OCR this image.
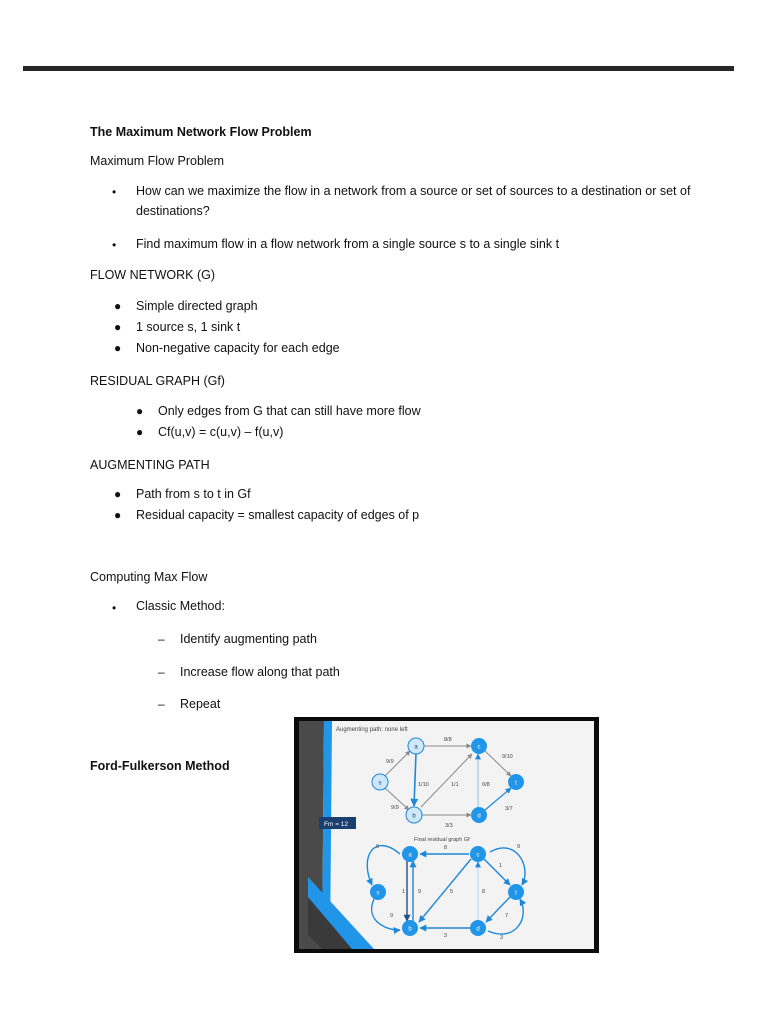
The Maximum Network Flow Problem
Maximum Flow Problem
• How can we maximize the flow in a network from a source or set of sources to a destination or set of destinations?
• Find maximum flow in a flow network from a single source s to a single sink t
FLOW NETWORK (G)
● Simple directed graph
● 1 source s, 1 sink t
● Non-negative capacity for each edge
RESIDUAL GRAPH (Gf)
● Only edges from G that can still have more flow
● Cf(u,v) = c(u,v) – f(u,v)
AUGMENTING PATH
● Path from s to t in Gf
● Residual capacity = smallest capacity of edges of p
Computing Max Flow
• Classic Method:
– Identify augmenting path
– Increase flow along that path
– Repeat
Ford-Fulkerson Method
Augmenting path: none left
Fm = 12
8/8
9/9
1/10	1/1	0/8
9/10
9/9
3/3
3/7
s
a
b
c
d
t
Final residual graph Gf
9	8	9
1
9
1	5	8
9	7
3	3
s
a
b
c
d
t
